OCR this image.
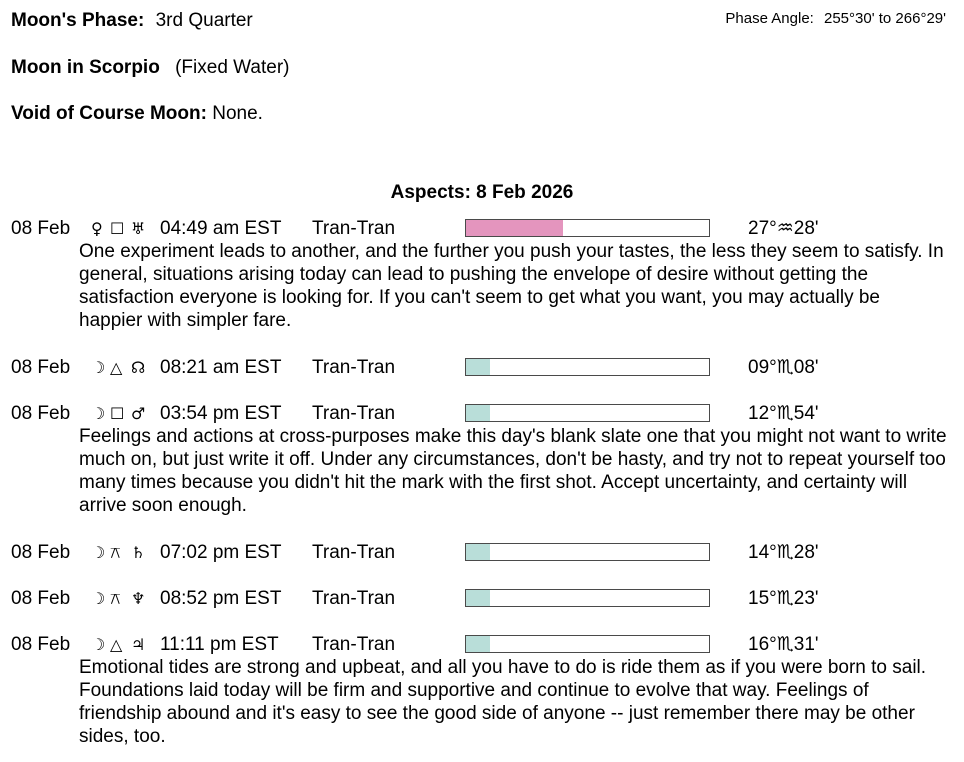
Moon's Phase: 3rd Quarter	Phase Angle: 255°30' to 266°29'
Moon in Scorpio (Fixed Water)
Void of Course Moon: None.
Aspects: 8 Feb 2026
08 Feb ♀ ☐ ♅ 04:49 am EST Tran-Tran	27°♒28'
One experiment leads to another, and the further you push your tastes, the less they seem to satisfy. In general, situations arising today can lead to pushing the envelope of desire without getting the satisfaction everyone is looking for. If you can't seem to get what you want, you may actually be happier with simpler fare.
08 Feb ☽ △ ☊ 08:21 am EST Tran-Tran	09°♏08'
08 Feb ☽ ☐ ♂ 03:54 pm EST Tran-Tran	12°♏54'
Feelings and actions at cross-purposes make this day's blank slate one that you might not want to write much on, but just write it off. Under any circumstances, don't be hasty, and try not to repeat yourself too many times because you didn't hit the mark with the first shot. Accept uncertainty, and certainty will arrive soon enough.
08 Feb ☽ ⚻ ♄ 07:02 pm EST Tran-Tran	14°♏28'
08 Feb ☽ ⚻ ♆ 08:52 pm EST Tran-Tran	15°♏23'
08 Feb ☽ △ ♃ 11:11 pm EST Tran-Tran	16°♏31'
Emotional tides are strong and upbeat, and all you have to do is ride them as if you were born to sail. Foundations laid today will be firm and supportive and continue to evolve that way. Feelings of friendship abound and it's easy to see the good side of anyone -- just remember there may be other sides, too.
